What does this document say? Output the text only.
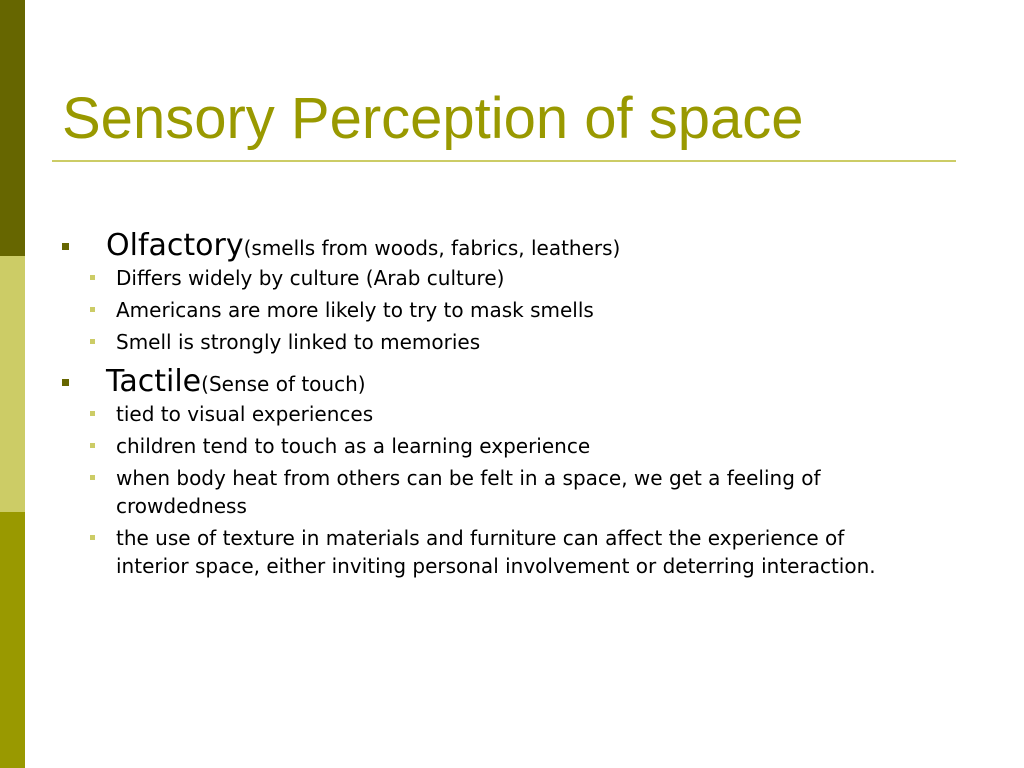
Sensory Perception of space
Olfactory(smells from woods, fabrics, leathers)
Differs widely by culture (Arab culture)
Americans are more likely to try to mask smells
Smell is strongly linked to memories
Tactile(Sense of touch)
tied to visual experiences
children tend to touch as a learning experience
when body heat from others can be felt in a space, we get a feeling of crowdedness
the use of texture in materials and furniture can affect the experience of interior space, either inviting personal involvement or deterring interaction.
